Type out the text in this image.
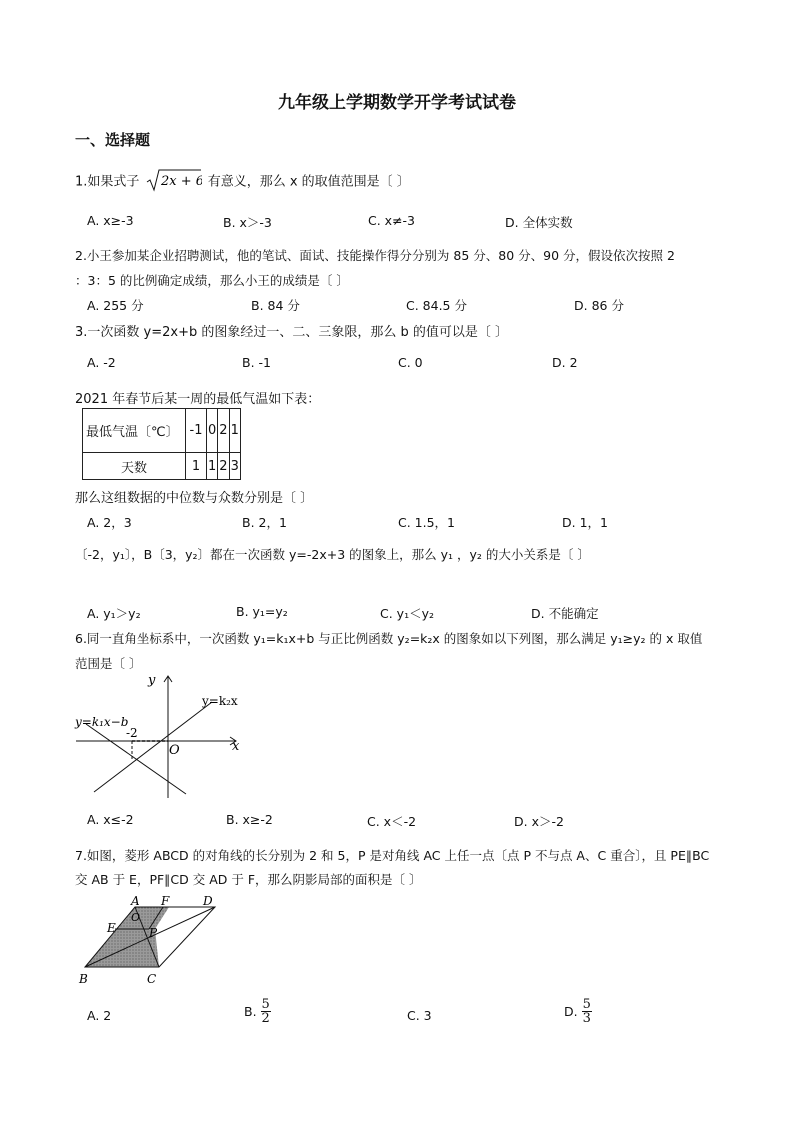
九年级上学期数学开学考试试卷
一、选择题
1.如果式子 2x + 6 有意义，那么 x 的取值范围是〔 〕
A. x≥-3	B. x＞-3	C. x≠-3	D. 全体实数
2.小王参加某企业招聘测试，他的笔试、面试、技能操作得分分别为 85 分、80 分、90 分，假设依次按照 2
：3：5 的比例确定成绩，那么小王的成绩是〔 〕
A. 255 分	B. 84 分	C. 84.5 分	D. 86 分
3.一次函数 y=2x+b 的图象经过一、二、三象限，那么 b 的值可以是〔 〕
A. -2	B. -1	C. 0	D. 2
2021 年春节后某一周的最低气温如下表：
最低气温〔℃〕	-1	0	2	1
天数	1	1	2	3
那么这组数据的中位数与众数分别是〔 〕
A. 2，3	B. 2，1	C. 1.5，1	D. 1，1
〔-2，y₁〕，B〔3，y₂〕都在一次函数 y=-2x+3 的图象上，那么 y₁ ，y₂ 的大小关系是〔 〕
A. y₁＞y₂	B. y₁=y₂	C. y₁＜y₂	D. 不能确定
6.同一直角坐标系中，一次函数 y₁=k₁x+b 与正比例函数 y₂=k₂x 的图象如以下列图，那么满足 y₁≥y₂ 的 x 取值
范围是〔 〕
y
x
O
y=k₁x−b
y=k₂x
-2
A. x≤-2	B. x≥-2	C. x＜-2	D. x＞-2
7.如图，菱形 ABCD 的对角线的长分别为 2 和 5，P 是对角线 AC 上任一点〔点 P 不与点 A、C 重合〕，且 PE∥BC
交 AB 于 E，PF∥CD 交 AD 于 F，那么阴影局部的面积是〔 〕
A F	D
E
O
P
B	C
A. 2	B. $\frac{5}{2}$	C. 3	D. $\frac{5}{3}$
